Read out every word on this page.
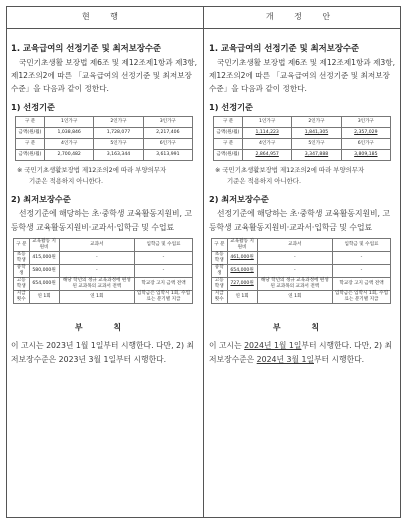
현 행
1. 교육급여의 선정기준 및 최저보장수준
국민기초생활 보장법 제6조 및 제12조제1항과 제3항, 제12조의2에 따른 「교육급여의 선정기준 및 최저보장수준」을 다음과 같이 정한다.
1) 선정기준
구 분	1인가구	2인가구	3인가구
금액(원/월)	1,038,846	1,728,077	2,217,406
구 분	4인가구	5인가구	6인가구
금액(원/월)	2,700,482	3,163,344	3,613,991
※ 국민기초생활보장법 제12조의2에 따라 부양의무자
기준은 적용하지 아니한다.
2) 최저보장수준
선정기준에 해당하는 초·중학생 교육활동지원비, 고등학생 교육활동지원비·교과서·입학금 및 수업료
구 분	교육활동 지원비	교과서	입학금 및 수업료
초등학생	415,000원	-	-
중학생	580,000원	-	-
고등학생	654,000원	해당 학년의 정규 교육과정에 편성된 교과목의 교과서 전액	학교장 고지 금액 전액
지급횟수	연 1회	연 1회	입학금은 입학시 1회, 수업료는 분기별 지급
부 칙
이 고시는 2023년 1월 1일부터 시행한다. 다만, 2) 최저보장수준은 2023년 3월 1일부터 시행한다.
개 정 안
1. 교육급여의 선정기준 및 최저보장수준
국민기초생활 보장법 제6조 및 제12조제1항과 제3항, 제12조의2에 따른 「교육급여의 선정기준 및 최저보장수준」을 다음과 같이 정한다.
1) 선정기준
구 분	1인가구	2인가구	3인가구
금액(원/월)	1,114,223	1,841,305	2,357,029
구 분	4인가구	5인가구	6인가구
금액(원/월)	2,864,957	3,347,888	3,809,185
※ 국민기초생활보장법 제12조의2에 따라 부양의무자
기준은 적용하지 아니한다.
2) 최저보장수준
선정기준에 해당하는 초·중학생 교육활동지원비, 고등학생 교육활동지원비·교과서·입학금 및 수업료
구 분	교육활동 지원비	교과서	입학금 및 수업료
초등학생	461,000원	-	-
중학생	654,000원	-	-
고등학생	727,000원	해당 학년의 정규 교육과정에 편성된 교과목의 교과서 전액	학교장 고지 금액 전액
지급횟수	연 1회	연 1회	입학금은 입학시 1회, 수업료는 분기별 지급
부 칙
이 고시는 2024년 1월 1일부터 시행한다. 다만, 2) 최저보장수준은 2024년 3월 1일부터 시행한다.
